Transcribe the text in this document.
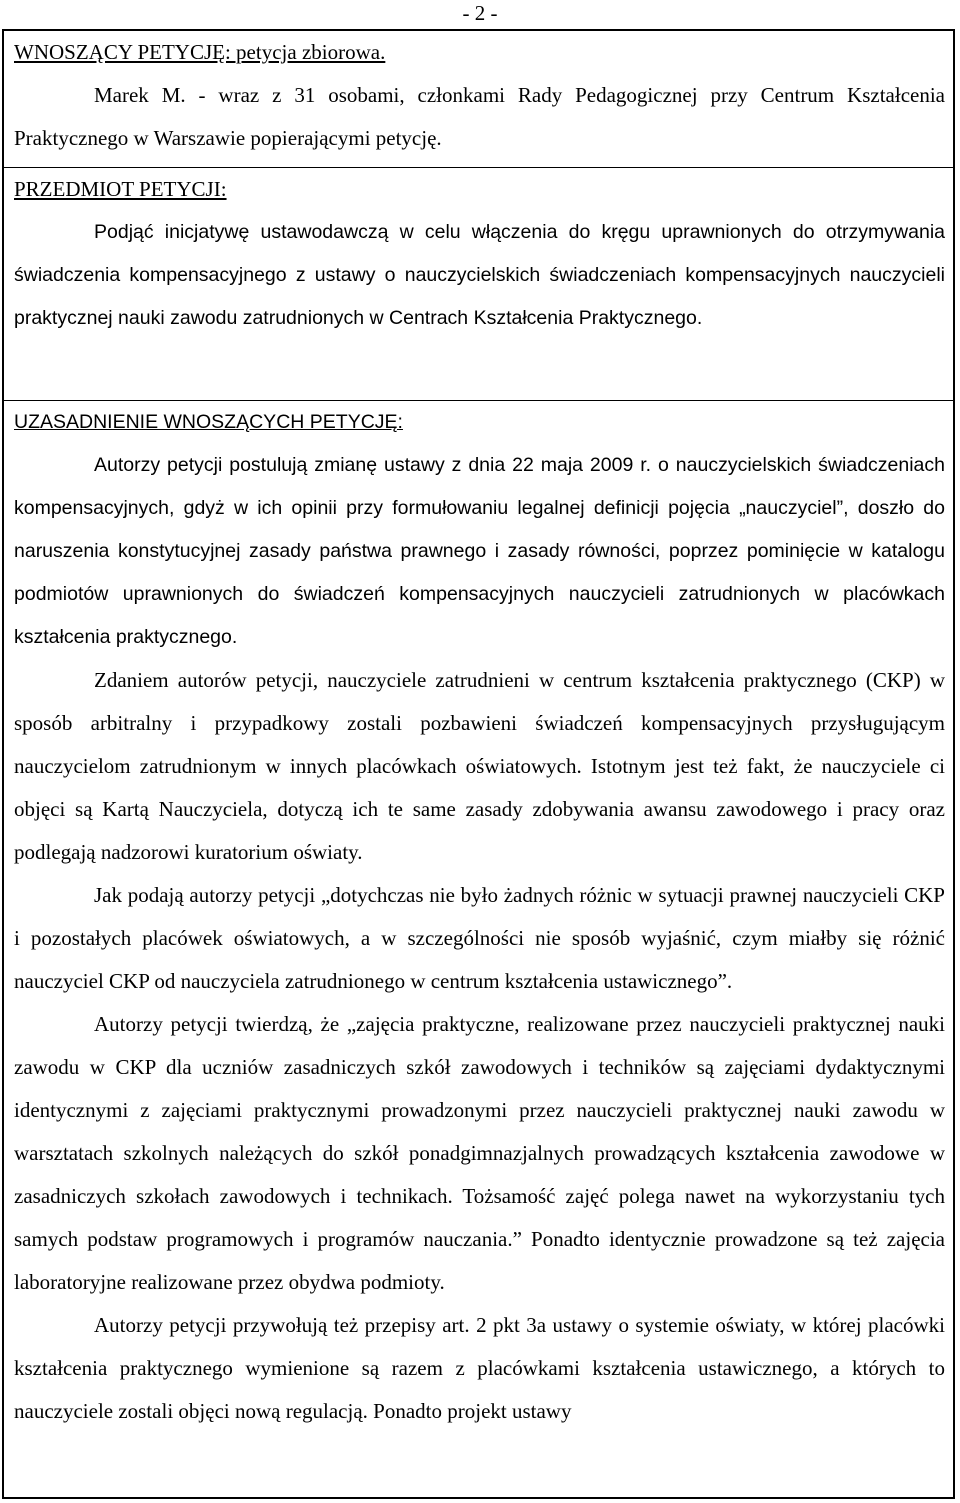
- 2 -
WNOSZĄCY PETYCJĘ: petycja zbiorowa.

Marek M. - wraz z 31 osobami, członkami Rady Pedagogicznej przy Centrum Kształcenia Praktycznego w Warszawie popierającymi petycję.

PRZEDMIOT PETYCJI:

Podjąć inicjatywę ustawodawczą w celu włączenia do kręgu uprawnionych do otrzymywania świadczenia kompensacyjnego z ustawy o nauczycielskich świadczeniach kompensacyjnych nauczycieli praktycznej nauki zawodu zatrudnionych w Centrach Kształcenia Praktycznego.

UZASADNIENIE WNOSZĄCYCH PETYCJĘ:

Autorzy petycji postulują zmianę ustawy z dnia 22 maja 2009 r. o nauczycielskich świadczeniach kompensacyjnych, gdyż w ich opinii przy formułowaniu legalnej definicji pojęcia „nauczyciel”, doszło do naruszenia konstytucyjnej zasady państwa prawnego i zasady równości, poprzez pominięcie w katalogu podmiotów uprawnionych do świadczeń kompensacyjnych nauczycieli zatrudnionych w placówkach kształcenia praktycznego.

Zdaniem autorów petycji, nauczyciele zatrudnieni w centrum kształcenia praktycznego (CKP) w sposób arbitralny i przypadkowy zostali pozbawieni świadczeń kompensacyjnych przysługującym nauczycielom zatrudnionym w innych placówkach oświatowych. Istotnym jest też fakt, że nauczyciele ci objęci są Kartą Nauczyciela, dotyczą ich te same zasady zdobywania awansu zawodowego i pracy oraz podlegają nadzorowi kuratorium oświaty.

Jak podają autorzy petycji „dotychczas nie było żadnych różnic w sytuacji prawnej nauczycieli CKP i pozostałych placówek oświatowych, a w szczególności nie sposób wyjaśnić, czym miałby się różnić nauczyciel CKP od nauczyciela zatrudnionego w centrum kształcenia ustawicznego”.

Autorzy petycji twierdzą, że „zajęcia praktyczne, realizowane przez nauczycieli praktycznej nauki zawodu w CKP dla uczniów zasadniczych szkół zawodowych i techników są zajęciami dydaktycznymi identycznymi z zajęciami praktycznymi prowadzonymi przez nauczycieli praktycznej nauki zawodu w warsztatach szkolnych należących do szkół ponadgimnazjalnych prowadzących kształcenia zawodowe w zasadniczych szkołach zawodowych i technikach. Tożsamość zajęć polega nawet na wykorzystaniu tych samych podstaw programowych i programów nauczania.” Ponadto identycznie prowadzone są też zajęcia laboratoryjne realizowane przez obydwa podmioty.

Autorzy petycji przywołują też przepisy art. 2 pkt 3a ustawy o systemie oświaty, w której placówki kształcenia praktycznego wymienione są razem z placówkami kształcenia ustawicznego, a których to nauczyciele zostali objęci nową regulacją. Ponadto projekt ustawy
